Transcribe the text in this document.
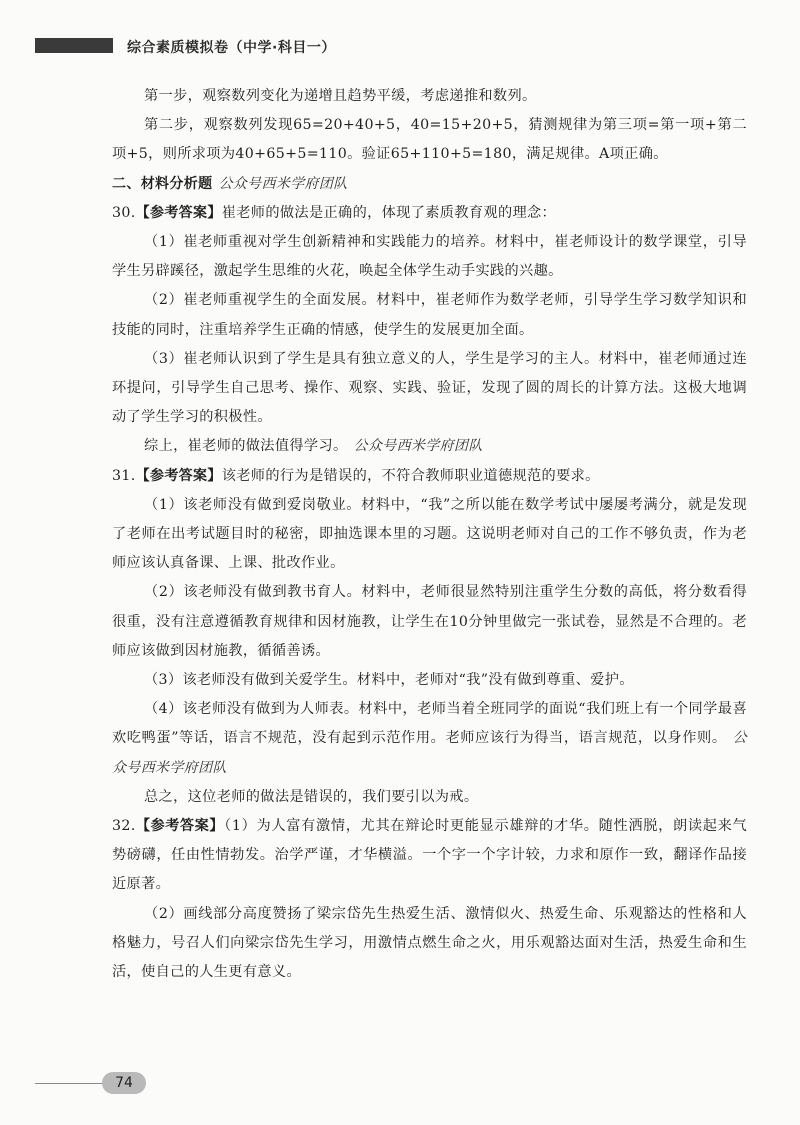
综合素质模拟卷（中学·科目一）

第一步，观察数列变化为递增且趋势平缓，考虑递推和数列。

第二步，观察数列发现65=20+40+5，40=15+20+5，猜测规律为第三项=第一项+第二项+5，则所求项为40+65+5=110。验证65+110+5=180，满足规律。A项正确。

二、材料分析题 公众号西米学府团队

30.【参考答案】崔老师的做法是正确的，体现了素质教育观的理念：

（1）崔老师重视对学生创新精神和实践能力的培养。材料中，崔老师设计的数学课堂，引导学生另辟蹊径，激起学生思维的火花，唤起全体学生动手实践的兴趣。

（2）崔老师重视学生的全面发展。材料中，崔老师作为数学老师，引导学生学习数学知识和技能的同时，注重培养学生正确的情感，使学生的发展更加全面。

（3）崔老师认识到了学生是具有独立意义的人，学生是学习的主人。材料中，崔老师通过连环提问，引导学生自己思考、操作、观察、实践、验证，发现了圆的周长的计算方法。这极大地调动了学生学习的积极性。

综上，崔老师的做法值得学习。 公众号西米学府团队

31.【参考答案】该老师的行为是错误的，不符合教师职业道德规范的要求。

（1）该老师没有做到爱岗敬业。材料中，“我”之所以能在数学考试中屡屡考满分，就是发现了老师在出考试题目时的秘密，即抽选课本里的习题。这说明老师对自己的工作不够负责，作为老师应该认真备课、上课、批改作业。

（2）该老师没有做到教书育人。材料中，老师很显然特别注重学生分数的高低，将分数看得很重，没有注意遵循教育规律和因材施教，让学生在10分钟里做完一张试卷，显然是不合理的。老师应该做到因材施教，循循善诱。

（3）该老师没有做到关爱学生。材料中，老师对“我”没有做到尊重、爱护。

（4）该老师没有做到为人师表。材料中，老师当着全班同学的面说“我们班上有一个同学最喜欢吃鸭蛋”等话，语言不规范，没有起到示范作用。老师应该行为得当，语言规范，以身作则。 公众号西米学府团队

总之，这位老师的做法是错误的，我们要引以为戒。

32.【参考答案】（1）为人富有激情，尤其在辩论时更能显示雄辩的才华。随性洒脱，朗读起来气势磅礴，任由性情勃发。治学严谨，才华横溢。一个字一个字计较，力求和原作一致，翻译作品接近原著。

（2）画线部分高度赞扬了梁宗岱先生热爱生活、激情似火、热爱生命、乐观豁达的性格和人格魅力，号召人们向梁宗岱先生学习，用激情点燃生命之火，用乐观豁达面对生活，热爱生命和生活，使自己的人生更有意义。

74
